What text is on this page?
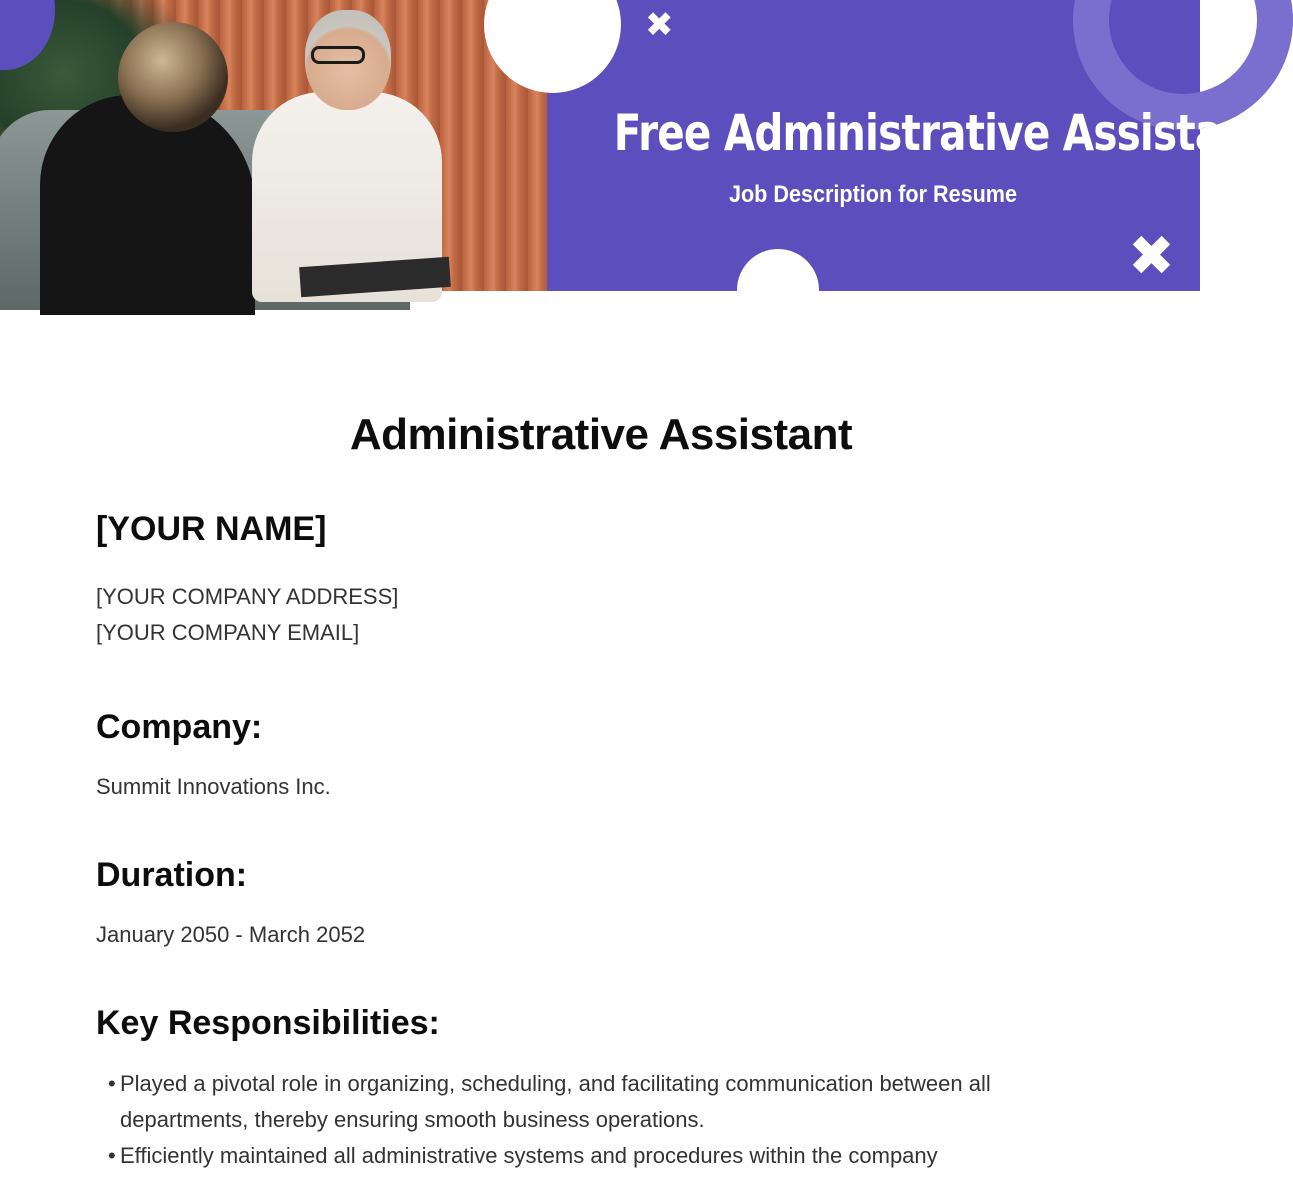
✖
✖
Free Administrative Assistant

Job Description for Resume

Administrative Assistant
[YOUR NAME]
[YOUR COMPANY ADDRESS]
[YOUR COMPANY EMAIL]
Company:
Summit Innovations Inc.
Duration:
January 2050 - March 2052
Key Responsibilities:
• Played a pivotal role in organizing, scheduling, and facilitating communication between all departments, thereby ensuring smooth business operations.
• Efficiently maintained all administrative systems and procedures within the company
